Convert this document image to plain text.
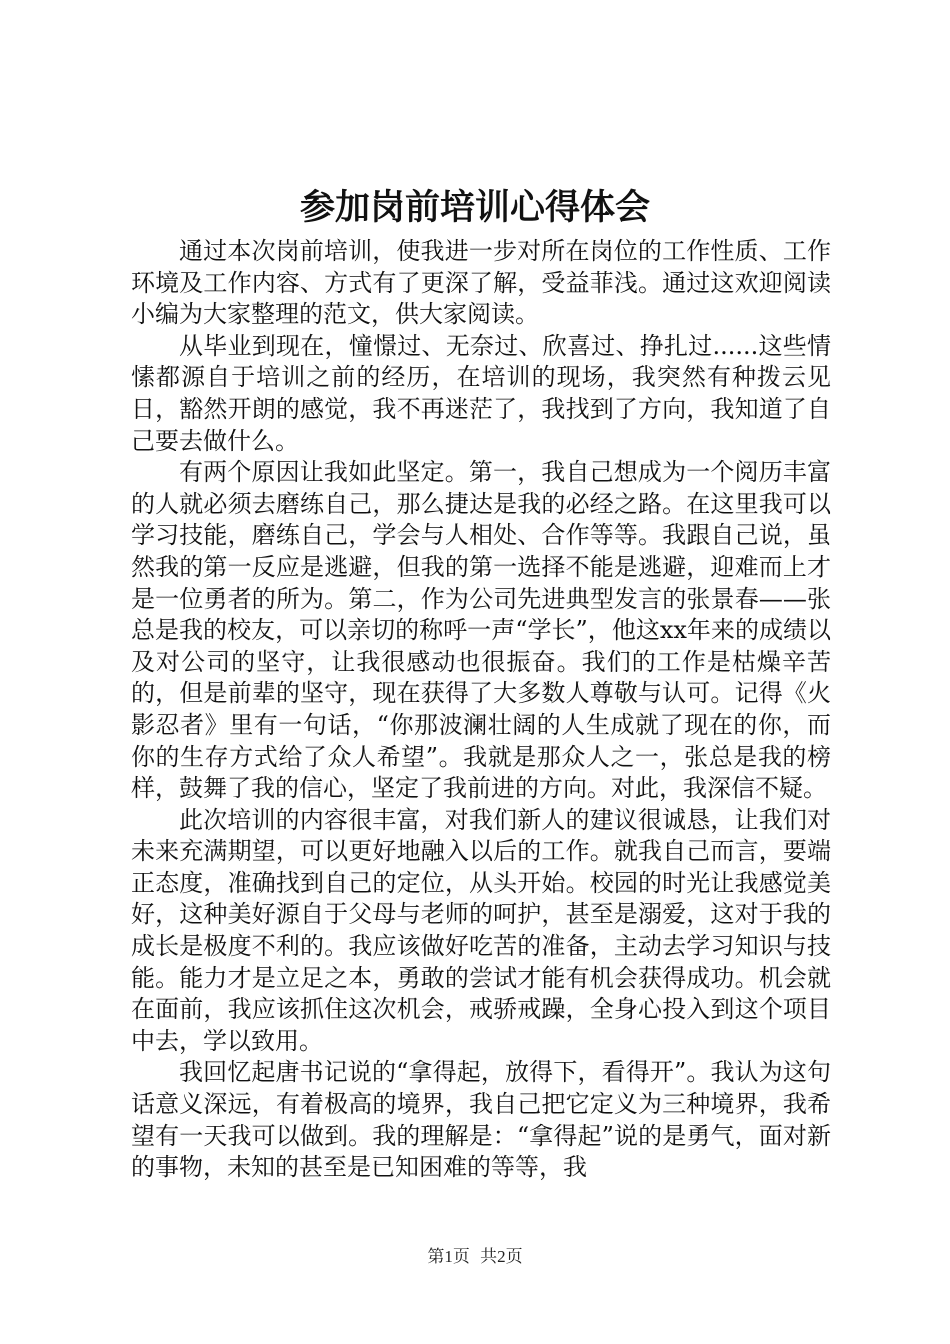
参加岗前培训心得体会

通过本次岗前培训，使我进一步对所在岗位的工作性质、工作环境及工作内容、方式有了更深了解，受益菲浅。通过这欢迎阅读小编为大家整理的范文，供大家阅读。

从毕业到现在，憧憬过、无奈过、欣喜过、挣扎过......这些情愫都源自于培训之前的经历，在培训的现场，我突然有种拨云见日，豁然开朗的感觉，我不再迷茫了，我找到了方向，我知道了自己要去做什么。

有两个原因让我如此坚定。第一，我自己想成为一个阅历丰富的人就必须去磨练自己，那么捷达是我的必经之路。在这里我可以学习技能，磨练自己，学会与人相处、合作等等。我跟自己说，虽然我的第一反应是逃避，但我的第一选择不能是逃避，迎难而上才是一位勇者的所为。第二，作为公司先进典型发言的张景春——张总是我的校友，可以亲切的称呼一声“学长”，他这xx年来的成绩以及对公司的坚守，让我很感动也很振奋。我们的工作是枯燥辛苦的，但是前辈的坚守，现在获得了大多数人尊敬与认可。记得《火影忍者》里有一句话，“你那波澜壮阔的人生成就了现在的你，而你的生存方式给了众人希望”。我就是那众人之一，张总是我的榜样，鼓舞了我的信心，坚定了我前进的方向。对此，我深信不疑。

此次培训的内容很丰富，对我们新人的建议很诚恳，让我们对未来充满期望，可以更好地融入以后的工作。就我自己而言，要端正态度，准确找到自己的定位，从头开始。校园的时光让我感觉美好，这种美好源自于父母与老师的呵护，甚至是溺爱，这对于我的成长是极度不利的。我应该做好吃苦的准备，主动去学习知识与技能。能力才是立足之本，勇敢的尝试才能有机会获得成功。机会就在面前，我应该抓住这次机会，戒骄戒躁，全身心投入到这个项目中去，学以致用。

我回忆起唐书记说的“拿得起，放得下，看得开”。我认为这句话意义深远，有着极高的境界，我自己把它定义为三种境界，我希望有一天我可以做到。我的理解是：“拿得起”说的是勇气，面对新的事物，未知的甚至是已知困难的等等，我

第1页 共2页
